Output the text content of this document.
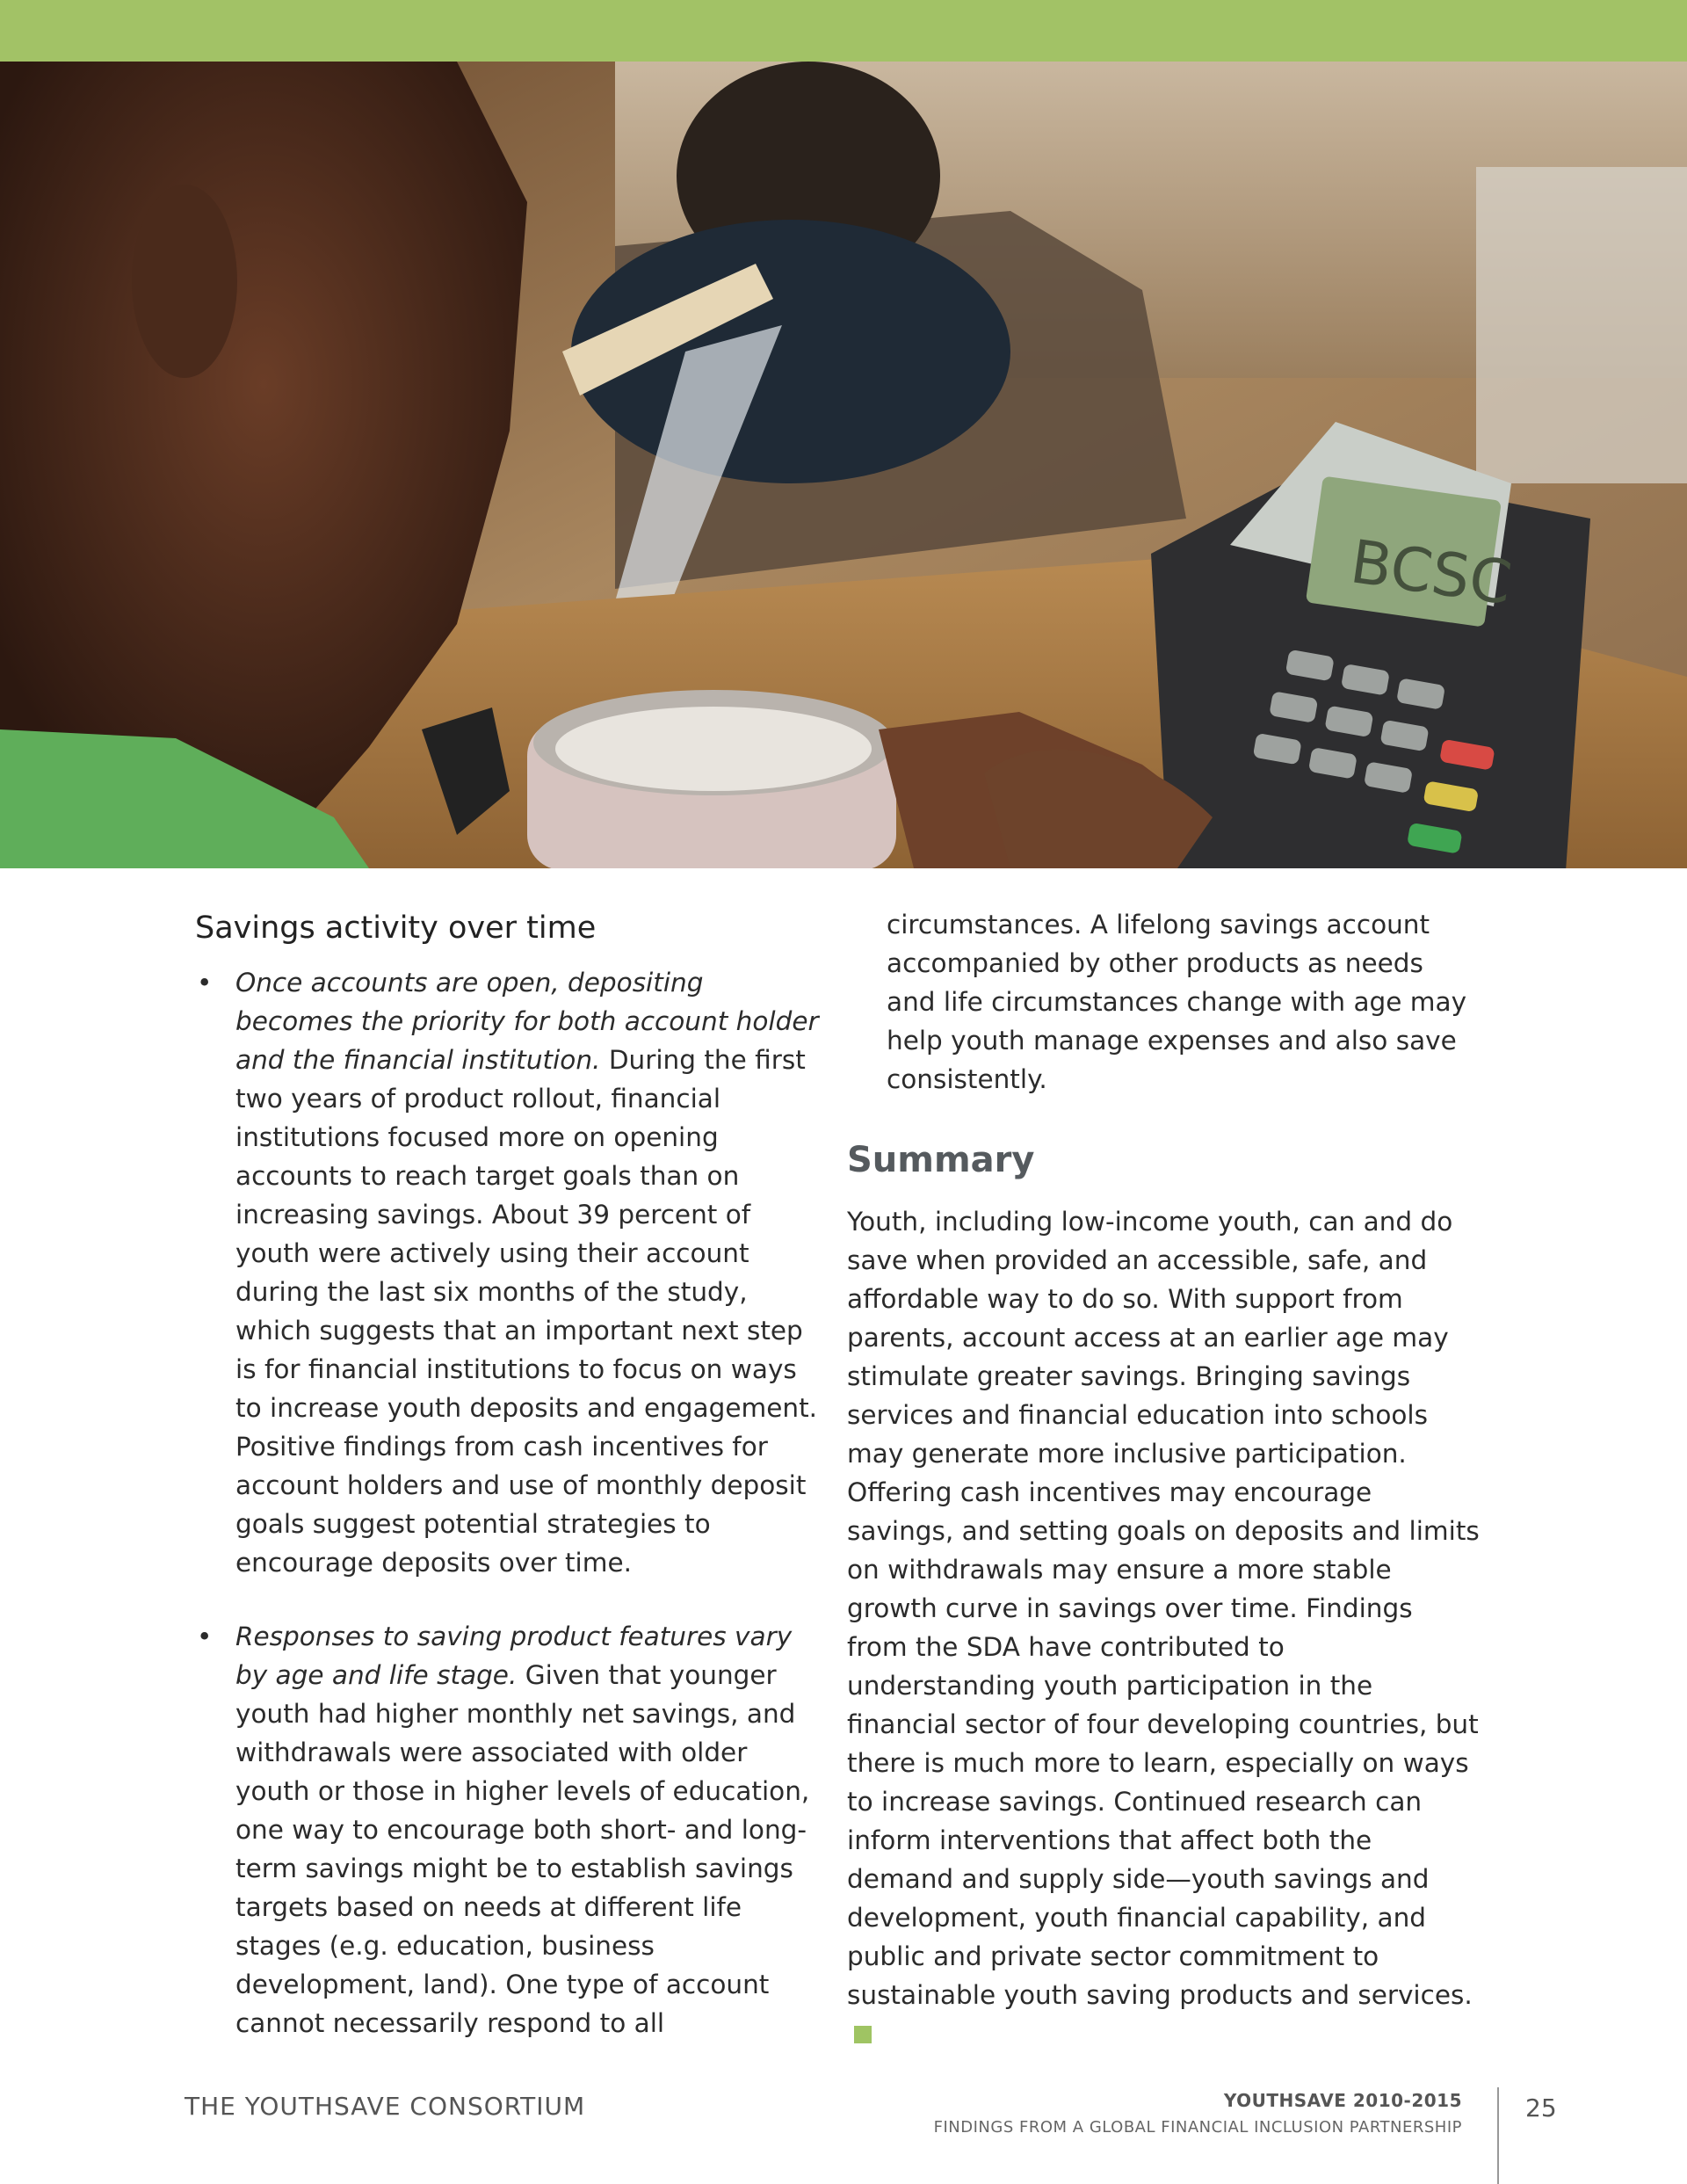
BCSC
Savings activity over time
• Once accounts are open, depositing becomes the priority for both account holder and the financial institution. During the first two years of product rollout, financial institutions focused more on opening accounts to reach target goals than on increasing savings. About 39 percent of youth were actively using their account during the last six months of the study, which suggests that an important next step is for financial institutions to focus on ways to increase youth deposits and engagement. Positive findings from cash incentives for account holders and use of monthly deposit goals suggest potential strategies to encourage deposits over time.
• Responses to saving product features vary by age and life stage. Given that younger youth had higher monthly net savings, and withdrawals were associated with older youth or those in higher levels of education, one way to encourage both short- and long-term savings might be to establish savings targets based on needs at different life stages (e.g. education, business development, land). One type of account cannot necessarily respond to all

circumstances. A lifelong savings account accompanied by other products as needs and life circumstances change with age may help youth manage expenses and also save consistently.

Summary

Youth, including low-income youth, can and do save when provided an accessible, safe, and affordable way to do so. With support from parents, account access at an earlier age may stimulate greater savings. Bringing savings services and financial education into schools may generate more inclusive participation. Offering cash incentives may encourage savings, and setting goals on deposits and limits on withdrawals may ensure a more stable growth curve in savings over time. Findings from the SDA have contributed to understanding youth participation in the financial sector of four developing countries, but there is much more to learn, especially on ways to increase savings. Continued research can inform interventions that affect both the demand and supply side—youth savings and development, youth financial capability, and public and private sector commitment to sustainable youth saving products and services.

THE YOUTHSAVE CONSORTIUM	YOUTHSAVE 2010-2015
FINDINGS FROM A GLOBAL FINANCIAL INCLUSION PARTNERSHIP
25
